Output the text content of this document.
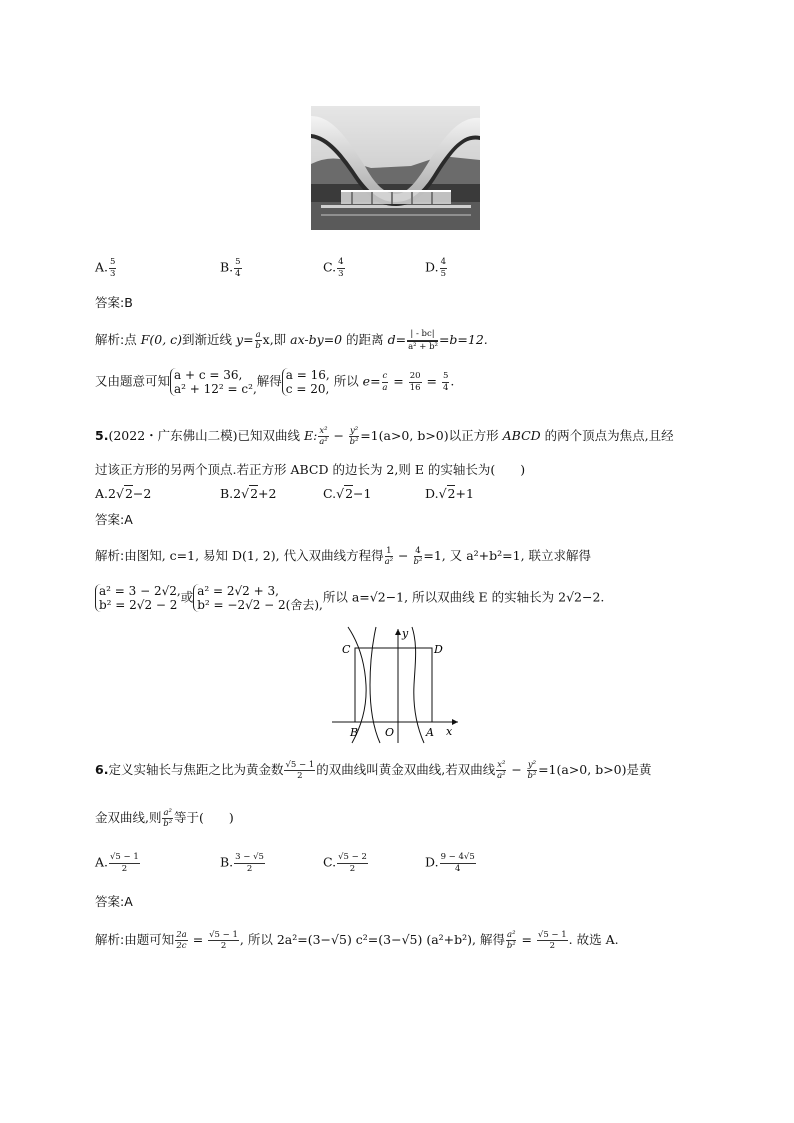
A. $\frac{5}{3}$	B. $\frac{5}{4}$	C. $\frac{4}{3}$	D. $\frac{4}{5}$
答案:B
解析:点 F(0, c)到渐近线 $y= \frac{a}{b} x$,即 ax-by=0 的距离 $d= \frac{| - bc|}{\text{a² + b²}} =b=12$.
又由题意可知 a + c = 36,
a² + 12² = c²,
解得 a = 16,
c = 20,
所以 $e= \frac{c}{a} = \frac{20}{16} = \frac{5}{4}$ .
5.(2022・广东佛山二模)已知双曲线 E: $\frac{\text{x²}}{\text{a²}} - \frac{\text{y²}}{\text{b²}} =1(a>0$, b>0)以正方形 ABCD 的两个顶点为焦点,且经
过该正方形的另两个顶点.若正方形 ABCD 的边长为 2,则 E 的实轴长为(　　)
A.2√2−2	B.2√2+2	C.√2−1	D.√2+1
答案:A
解析:由图知, c=1, 易知 D(1, 2), 代入双曲线方程得 $\frac{1}{\text{a²}} - \frac{4}{\text{b²}} =1$, 又 a²+b²=1, 联立求解得
a² = 3 − 2√2,
b² = 2√2 − 2
或 a² = 2√2 + 3,
b² = −2√2 − 2(舍去),
所以 a=√2−1, 所以双曲线 E 的实轴长为 2√2−2.
C	D
B O	A x
y
6.定义实轴长与焦距之比为黄金数 $\frac{√5 - 1}{2}$ 的双曲线叫黄金双曲线,若双曲线 $\frac{\text{x²}}{\text{a²}} - \frac{\text{y²}}{\text{b²}} =1(a>0$, b>0)是黄
金双曲线,则 $\frac{\text{a²}}{\text{b²}}$ 等于(　　)
A. $\frac{√5 - 1}{2}$	B. $\frac{3 - √5}{2}$	C. $\frac{√5 - 2}{2}$	D. $\frac{9 - 4√5}{4}$
答案:A
解析:由题可知 $\frac{2a}{2c} = \frac{√5 - 1}{2}$ , 所以 2a²=(3−√5) c²=(3−√5) (a²+b²), 解得 $\frac{\text{a²}}{\text{b²}} = \frac{√5 - 1}{2}$ . 故选 A.
